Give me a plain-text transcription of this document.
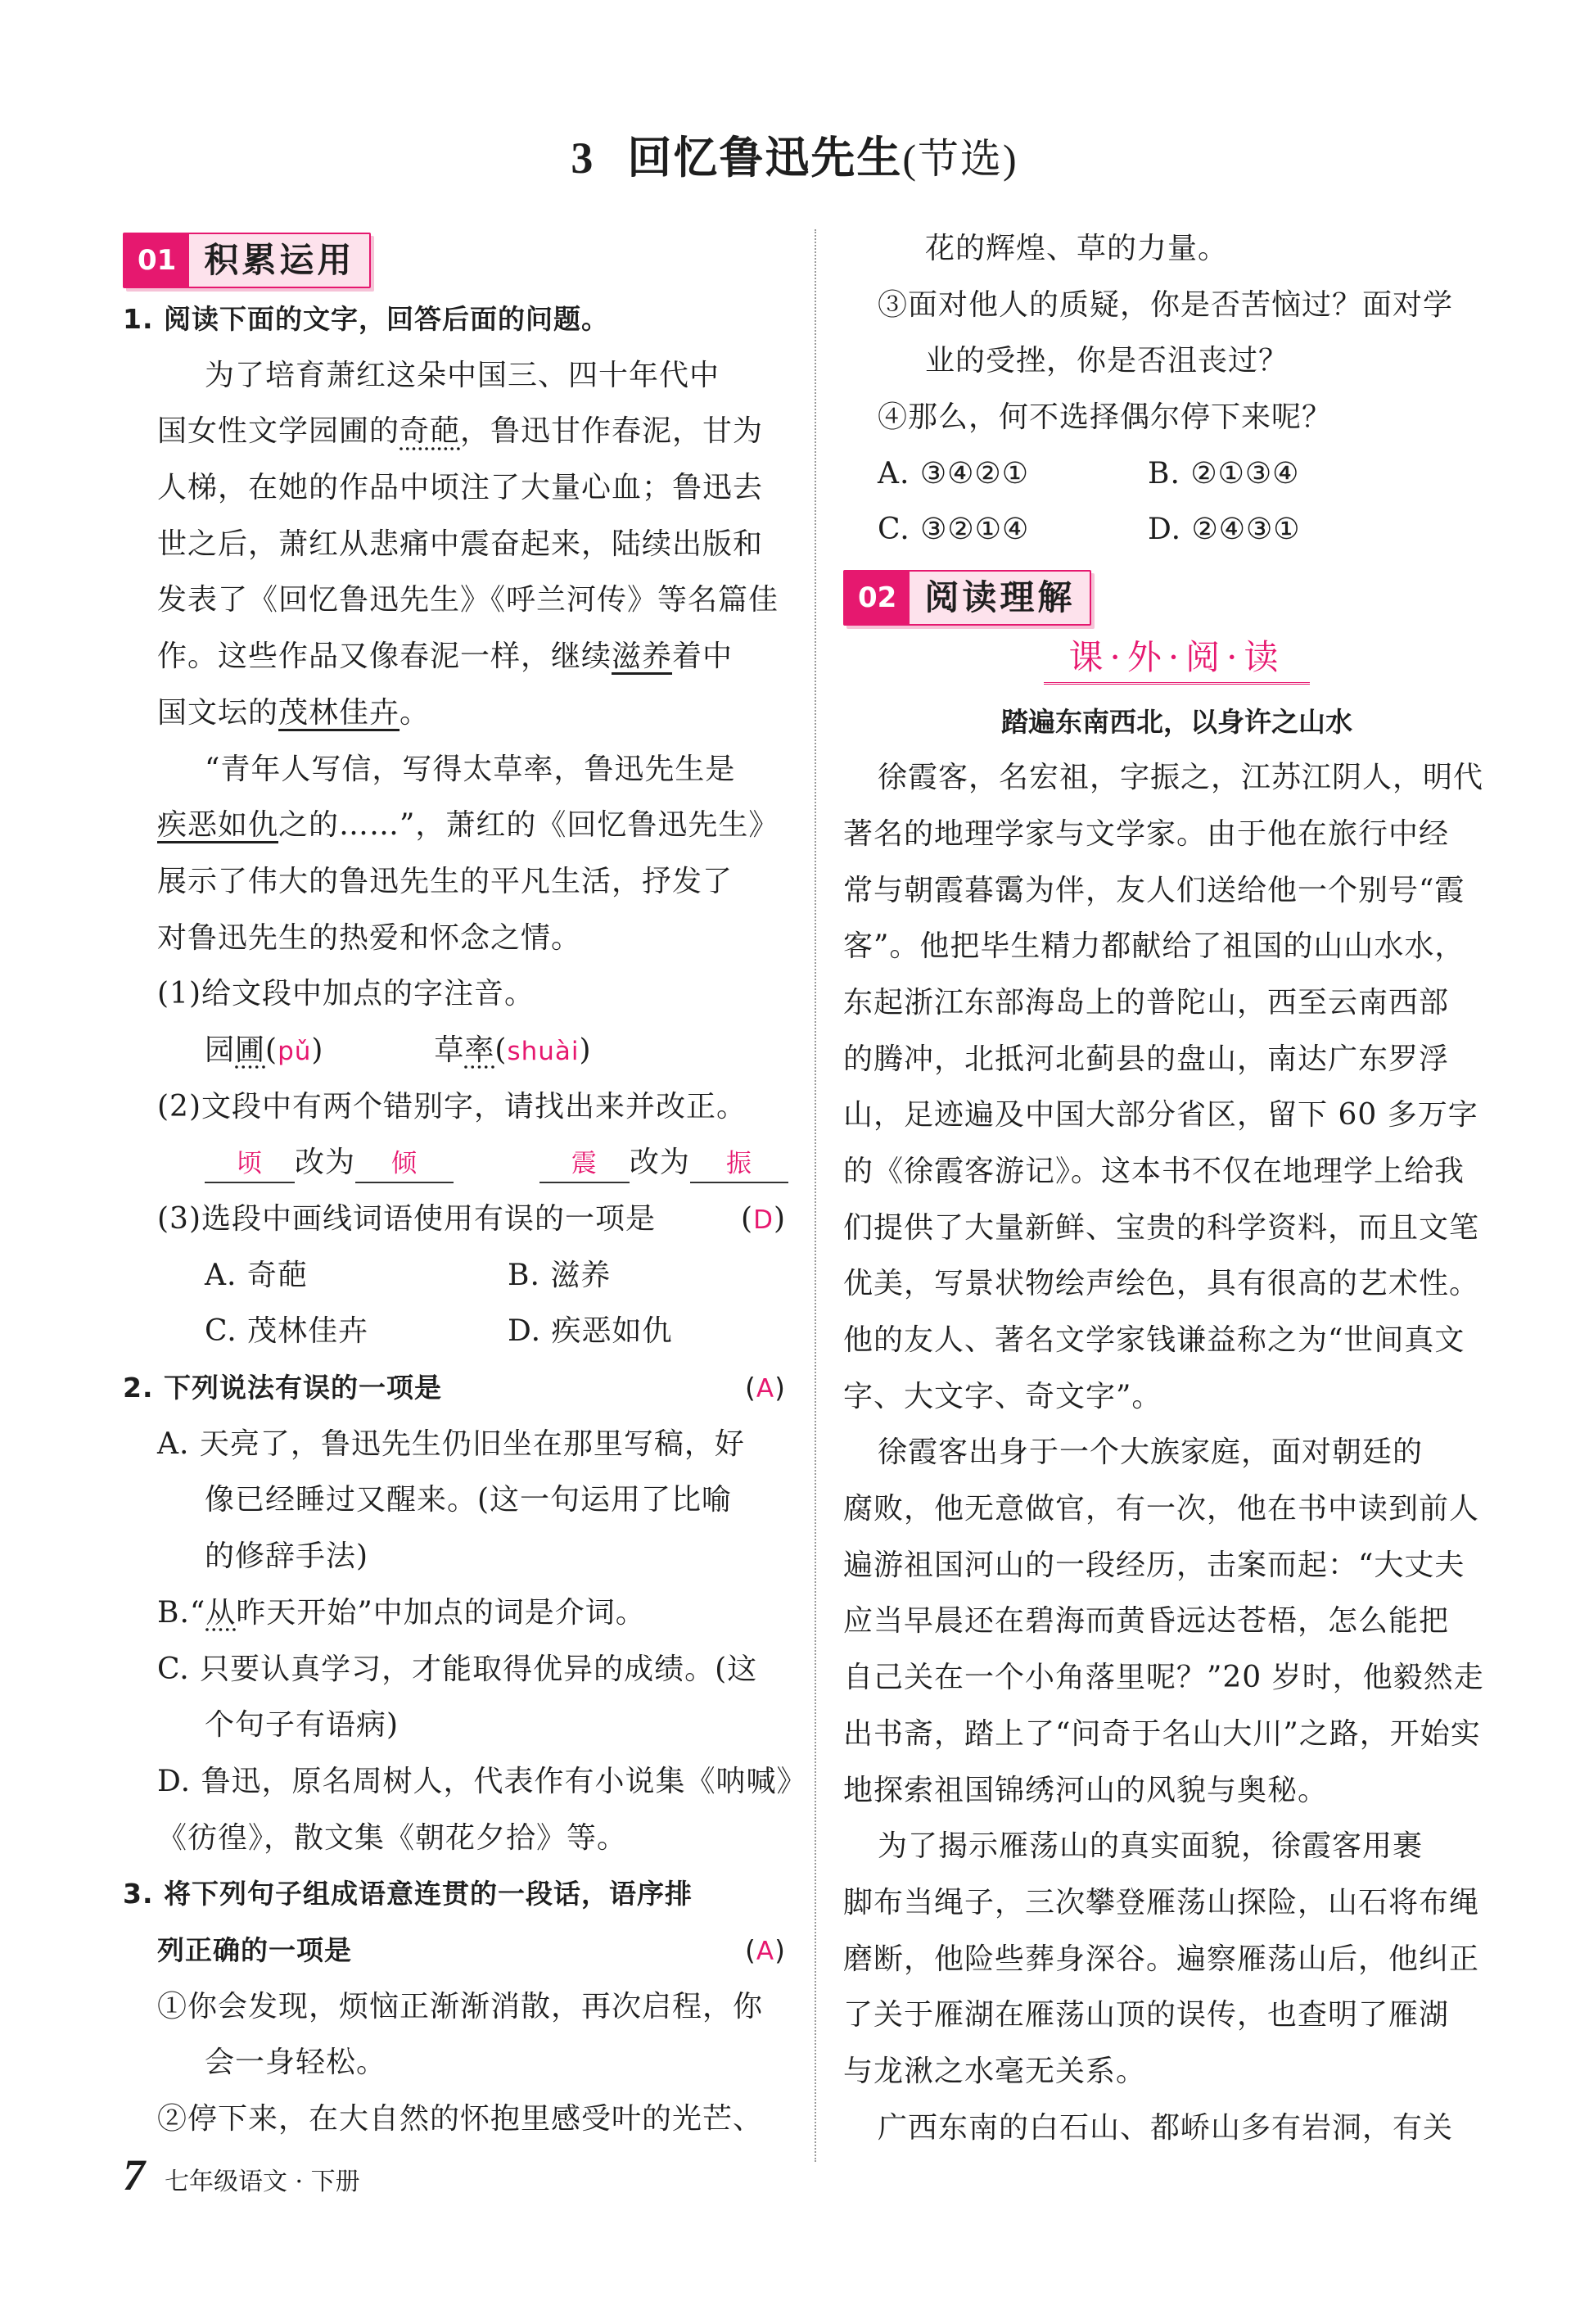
3 回忆鲁迅先生(节选)
01 积累运用
1. 阅读下面的文字，回答后面的问题。
为了培育萧红这朵中国三、四十年代中
国女性文学园圃的奇葩，鲁迅甘作春泥，甘为
人梯，在她的作品中顷注了大量心血；鲁迅去
世之后，萧红从悲痛中震奋起来，陆续出版和
发表了《回忆鲁迅先生》《呼兰河传》等名篇佳
作。这些作品又像春泥一样，继续滋养着中
国文坛的茂林佳卉。
“青年人写信，写得太草率，鲁迅先生是
疾恶如仇之的……”，萧红的《回忆鲁迅先生》
展示了伟大的鲁迅先生的平凡生活，抒发了
对鲁迅先生的热爱和怀念之情。
(1)给文段中加点的字注音。
园圃(pǔ)	草率(shuài)
(2)文段中有两个错别字，请找出来并改正。
顷 改为 倾	震 改为 振
(3)选段中画线词语使用有误的一项是	(D)
A. 奇葩	B. 滋养
C. 茂林佳卉	D. 疾恶如仇
2. 下列说法有误的一项是	(A)
A. 天亮了，鲁迅先生仍旧坐在那里写稿，好
像已经睡过又醒来。(这一句运用了比喻
的修辞手法)
B.“从昨天开始”中加点的词是介词。
C. 只要认真学习，才能取得优异的成绩。(这
个句子有语病)
D. 鲁迅，原名周树人，代表作有小说集《呐喊》
《彷徨》，散文集《朝花夕拾》等。
3. 将下列句子组成语意连贯的一段话，语序排
列正确的一项是	(A)
①你会发现，烦恼正渐渐消散，再次启程，你
会一身轻松。
②停下来，在大自然的怀抱里感受叶的光芒、
花的辉煌、草的力量。
③面对他人的质疑，你是否苦恼过？面对学
业的受挫，你是否沮丧过？
④那么，何不选择偶尔停下来呢？
A. ③④②①	B. ②①③④
C. ③②①④	D. ②④③①
02 阅读理解
课·外·阅·读
踏遍东南西北，以身许之山水
徐霞客，名宏祖，字振之，江苏江阴人，明代
著名的地理学家与文学家。由于他在旅行中经
常与朝霞暮霭为伴，友人们送给他一个别号“霞
客”。他把毕生精力都献给了祖国的山山水水，
东起浙江东部海岛上的普陀山，西至云南西部
的腾冲，北抵河北蓟县的盘山，南达广东罗浮
山，足迹遍及中国大部分省区，留下 60 多万字
的《徐霞客游记》。这本书不仅在地理学上给我
们提供了大量新鲜、宝贵的科学资料，而且文笔
优美，写景状物绘声绘色，具有很高的艺术性。
他的友人、著名文学家钱谦益称之为“世间真文
字、大文字、奇文字”。
徐霞客出身于一个大族家庭，面对朝廷的
腐败，他无意做官，有一次，他在书中读到前人
遍游祖国河山的一段经历，击案而起：“大丈夫
应当早晨还在碧海而黄昏远达苍梧，怎么能把
自己关在一个小角落里呢？”20 岁时，他毅然走
出书斋，踏上了“问奇于名山大川”之路，开始实
地探索祖国锦绣河山的风貌与奥秘。
为了揭示雁荡山的真实面貌，徐霞客用裹
脚布当绳子，三次攀登雁荡山探险，山石将布绳
磨断，他险些葬身深谷。遍察雁荡山后，他纠正
了关于雁湖在雁荡山顶的误传，也查明了雁湖
与龙湫之水毫无关系。
广西东南的白石山、都峤山多有岩洞，有关
7 七年级语文 · 下册
